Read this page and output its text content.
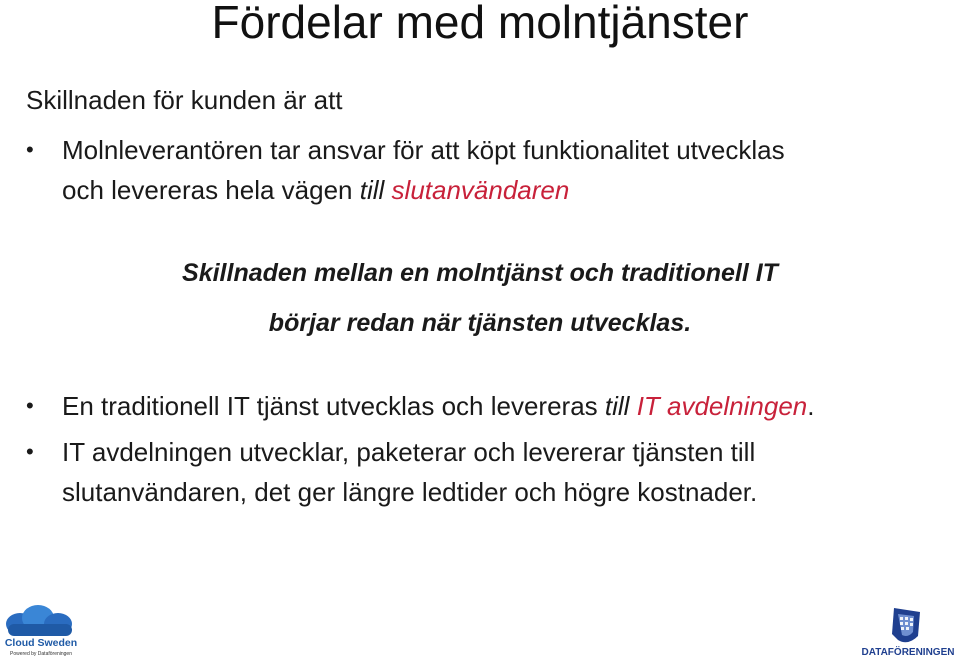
Fördelar med molntjänster
Skillnaden för kunden är att
•	Molnleverantören tar ansvar för att köpt funktionalitet utvecklas
och levereras hela vägen till slutanvändaren
Skillnaden mellan en molntjänst och traditionell IT
börjar redan när tjänsten utvecklas.
•	En traditionell IT tjänst utvecklas och levereras till IT avdelningen.
•	IT avdelningen utvecklar, paketerar och levererar tjänsten till
slutanvändaren, det ger längre ledtider och högre kostnader.
Cloud Sweden
Powered by Dataföreningen	DATAFÖRENINGEN
